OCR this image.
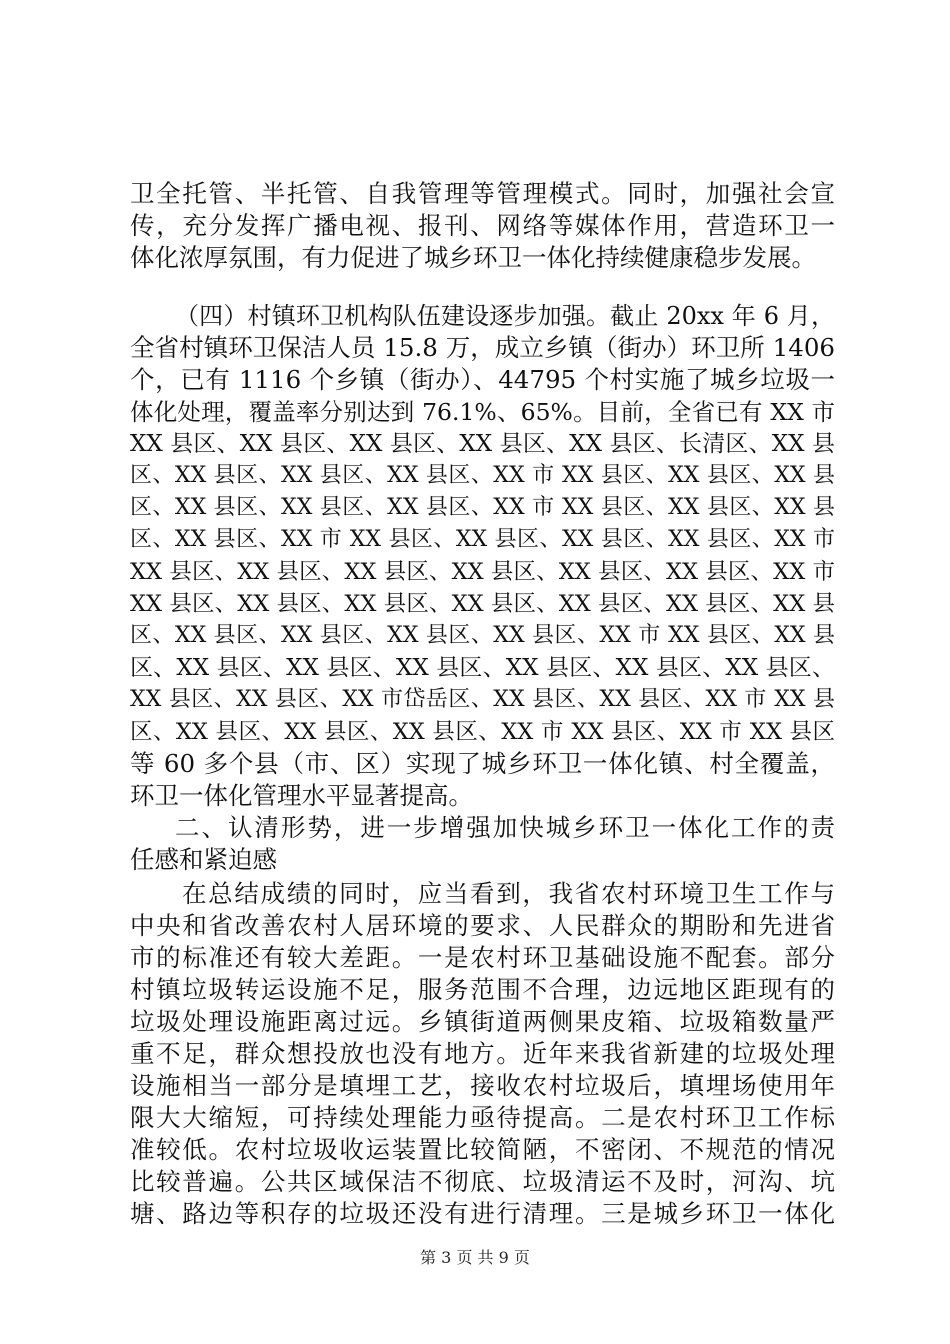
卫全托管、半托管、自我管理等管理模式。同时，加强社会宣
传，充分发挥广播电视、报刊、网络等媒体作用，营造环卫一
体化浓厚氛围，有力促进了城乡环卫一体化持续健康稳步发展。
（四）村镇环卫机构队伍建设逐步加强。截止 20xx 年 6 月，
全省村镇环卫保洁人员 15.8 万，成立乡镇（街办）环卫所 1406
个，已有 1116 个乡镇（街办）、44795 个村实施了城乡垃圾一
体化处理，覆盖率分别达到 76.1%、65%。目前，全省已有 XX 市
XX 县区、XX 县区、XX 县区、XX 县区、XX 县区、长清区、XX 县
区、XX 县区、XX 县区、XX 县区、XX 市 XX 县区、XX 县区、XX 县
区、XX 县区、XX 县区、XX 县区、XX 市 XX 县区、XX 县区、XX 县
区、XX 县区、XX 市 XX 县区、XX 县区、XX 县区、XX 县区、XX 市
XX 县区、XX 县区、XX 县区、XX 县区、XX 县区、XX 县区、XX 市
XX 县区、XX 县区、XX 县区、XX 县区、XX 县区、XX 县区、XX 县
区、XX 县区、XX 县区、XX 县区、XX 县区、XX 市 XX 县区、XX 县
区、XX 县区、XX 县区、XX 县区、XX 县区、XX 县区、XX 县区、
XX 县区、XX 县区、XX 市岱岳区、XX 县区、XX 县区、XX 市 XX 县
区、XX 县区、XX 县区、XX 县区、XX 市 XX 县区、XX 市 XX 县区
等 60 多个县（市、区）实现了城乡环卫一体化镇、村全覆盖，
环卫一体化管理水平显著提高。
二、认清形势，进一步增强加快城乡环卫一体化工作的责
任感和紧迫感
在总结成绩的同时，应当看到，我省农村环境卫生工作与
中央和省改善农村人居环境的要求、人民群众的期盼和先进省
市的标准还有较大差距。一是农村环卫基础设施不配套。部分
村镇垃圾转运设施不足，服务范围不合理，边远地区距现有的
垃圾处理设施距离过远。乡镇街道两侧果皮箱、垃圾箱数量严
重不足，群众想投放也没有地方。近年来我省新建的垃圾处理
设施相当一部分是填埋工艺，接收农村垃圾后，填埋场使用年
限大大缩短，可持续处理能力亟待提高。二是农村环卫工作标
准较低。农村垃圾收运装置比较简陋，不密闭、不规范的情况
比较普遍。公共区域保洁不彻底、垃圾清运不及时，河沟、坑
塘、路边等积存的垃圾还没有进行清理。三是城乡环卫一体化
第 3 页 共 9 页
